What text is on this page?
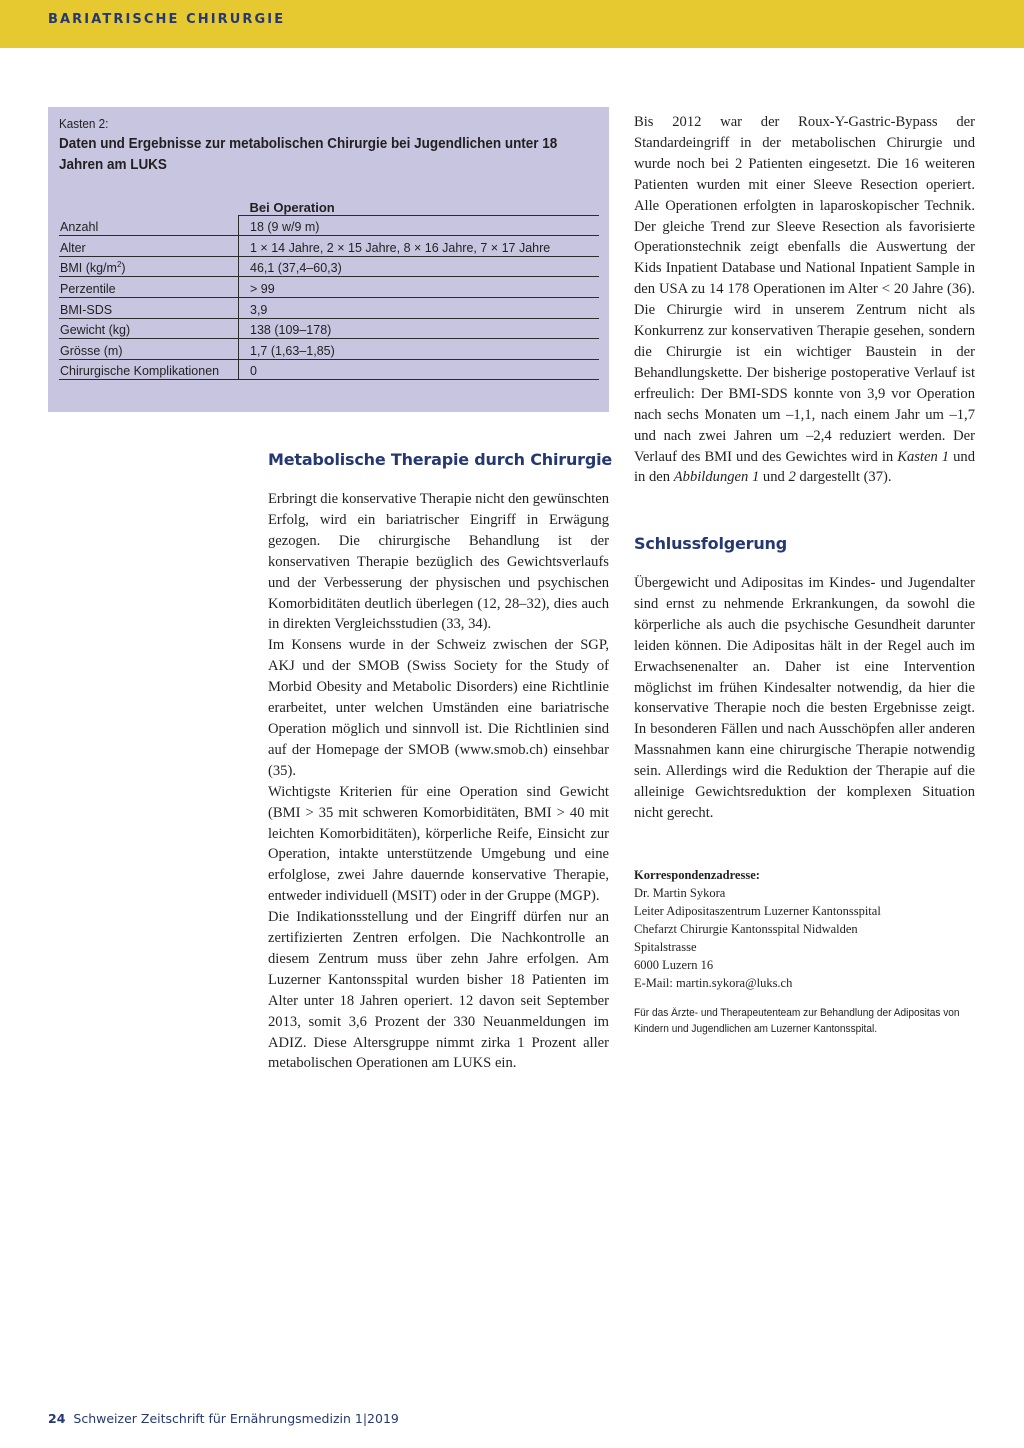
BARIATRISCHE CHIRURGIE
Kasten 2:
Daten und Ergebnisse zur metabolischen Chirurgie bei Jugendlichen unter 18 Jahren am LUKS
	Bei Operation
Anzahl	18 (9 w/9 m)
Alter	1 × 14 Jahre, 2 × 15 Jahre, 8 × 16 Jahre, 7 × 17 Jahre
BMI $(kg/m^2)$	46,1 (37,4–60,3)
Perzentile	> 99
BMI-SDS	3,9
Gewicht (kg)	138 (109–178)
Grösse (m)	1,7 (1,63–1,85)
Chirurgische Komplikationen	0
Metabolische Therapie durch Chirurgie

Erbringt die konservative Therapie nicht den gewünschten Erfolg, wird ein bariatrischer Eingriff in Erwägung gezogen. Die chirurgische Behandlung ist der konservativen Therapie bezüglich des Gewichtsverlaufs und der Verbesserung der physischen und psychischen Komorbiditäten deutlich überlegen (12, 28–32), dies auch in direkten Vergleichsstudien (33, 34).

Im Konsens wurde in der Schweiz zwischen der SGP, AKJ und der SMOB (Swiss Society for the Study of Morbid Obesity and Metabolic Disorders) eine Richtlinie erarbeitet, unter welchen Umständen eine bariatrische Operation möglich und sinnvoll ist. Die Richtlinien sind auf der Homepage der SMOB (www.smob.ch) einsehbar (35).

Wichtigste Kriterien für eine Operation sind Gewicht (BMI > 35 mit schweren Komorbiditäten, BMI > 40 mit leichten Komorbiditäten), körperliche Reife, Einsicht zur Operation, intakte unterstützende Umgebung und eine erfolglose, zwei Jahre dauernde konservative Therapie, entweder individuell (MSIT) oder in der Gruppe (MGP).

Die Indikationsstellung und der Eingriff dürfen nur an zertifizierten Zentren erfolgen. Die Nachkontrolle an diesem Zentrum muss über zehn Jahre erfolgen. Am Luzerner Kantonsspital wurden bisher 18 Patienten im Alter unter 18 Jahren operiert. 12 davon seit September 2013, somit 3,6 Prozent der 330 Neuanmeldungen im ADIZ. Diese Altersgruppe nimmt zirka 1 Prozent aller metabolischen Operationen am LUKS ein.

Bis 2012 war der Roux-Y-Gastric-Bypass der Standardeingriff in der metabolischen Chirurgie und wurde noch bei 2 Patienten eingesetzt. Die 16 weiteren Patienten wurden mit einer Sleeve Resection operiert. Alle Operationen erfolgten in laparoskopischer Technik. Der gleiche Trend zur Sleeve Resection als favorisierte Operationstechnik zeigt ebenfalls die Auswertung der Kids Inpatient Database und National Inpatient Sample in den USA zu 14 178 Operationen im Alter < 20 Jahre (36). Die Chirurgie wird in unserem Zentrum nicht als Konkurrenz zur konservativen Therapie gesehen, sondern die Chirurgie ist ein wichtiger Baustein in der Behandlungskette. Der bisherige postoperative Verlauf ist erfreulich: Der BMI-SDS konnte von 3,9 vor Operation nach sechs Monaten um –1,1, nach einem Jahr um –1,7 und nach zwei Jahren um –2,4 reduziert werden. Der Verlauf des BMI und des Gewichtes wird in Kasten 1 und in den Abbildungen 1 und 2 dargestellt (37).

Schlussfolgerung

Übergewicht und Adipositas im Kindes- und Jugendalter sind ernst zu nehmende Erkrankungen, da sowohl die körperliche als auch die psychische Gesundheit darunter leiden können. Die Adipositas hält in der Regel auch im Erwachsenenalter an. Daher ist eine Intervention möglichst im frühen Kindesalter notwendig, da hier die konservative Therapie noch die besten Ergebnisse zeigt. In besonderen Fällen und nach Ausschöpfen aller anderen Massnahmen kann eine chirurgische Therapie notwendig sein. Allerdings wird die Reduktion der Therapie auf die alleinige Gewichtsreduktion der komplexen Situation nicht gerecht.

Korrespondenzadresse:
Dr. Martin Sykora
Leiter Adipositaszentrum Luzerner Kantonsspital
Chefarzt Chirurgie Kantonsspital Nidwalden
Spitalstrasse
6000 Luzern 16
E-Mail: martin.sykora@luks.ch
Für das Ärzte- und Therapeutenteam zur Behandlung der Adipositas von Kindern und Jugendlichen am Luzerner Kantonsspital.
24 Schweizer Zeitschrift für Ernährungsmedizin 1|2019
